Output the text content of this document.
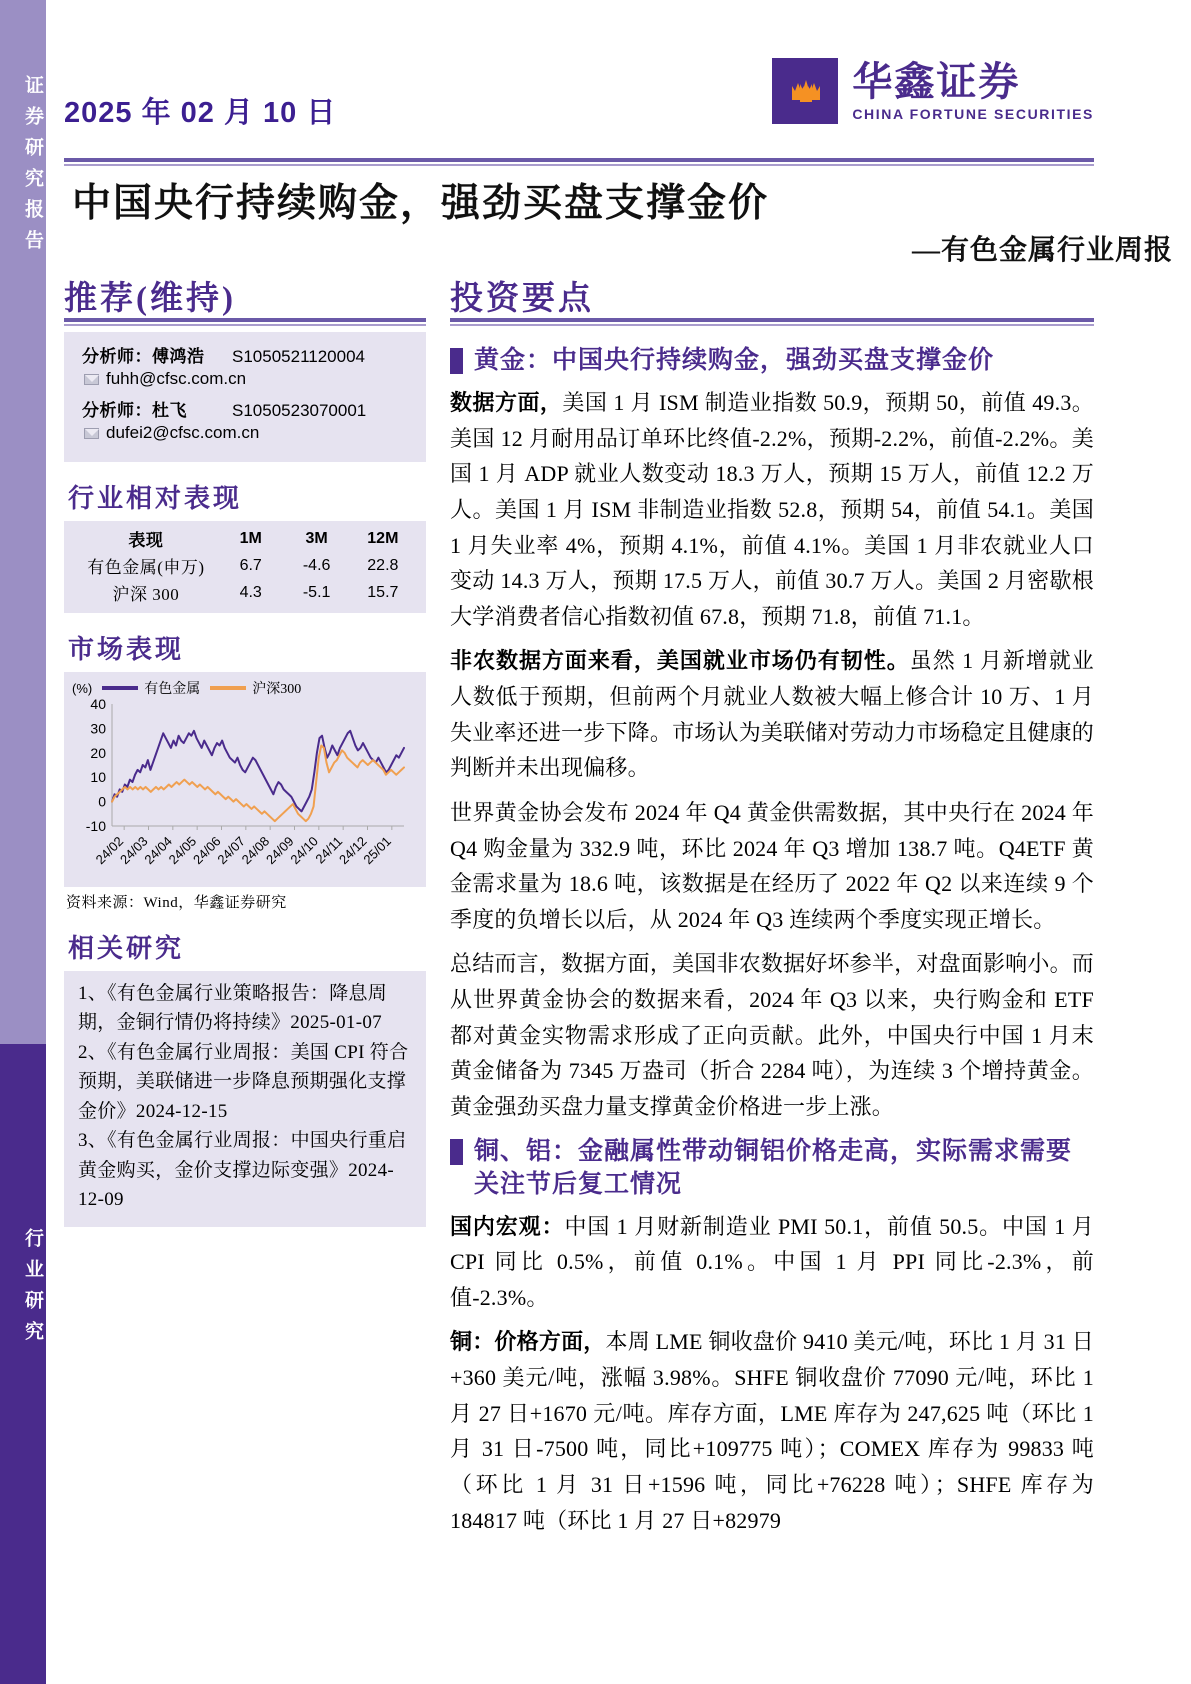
证券研究报告
行业研究
2025 年 02 月 10 日
华鑫证券
CHINA FORTUNE SECURITIES
中国央行持续购金，强劲买盘支撑金价
—有色金属行业周报
推荐(维持)	投资要点
分析师：傅鸿浩	S1050521120004
fuhh@cfsc.com.cn
分析师：杜飞	S1050523070001
dufei2@cfsc.com.cn
行业相对表现
表现	1M	3M	12M
有色金属(申万)	6.7	-4.6	22.8
沪深 300	4.3	-5.1	15.7
市场表现
(%)	有色金属	沪深300
-10
0
10
20
30
40
24/02
24/03
24/04
24/05
24/06
24/07
24/08
24/09
24/10
24/11
24/12
25/01
资料来源：Wind，华鑫证券研究
相关研究
1、《有色金属行业策略报告：降息周期，金铜行情仍将持续》2025-01-07
2、《有色金属行业周报：美国 CPI 符合预期，美联储进一步降息预期强化支撑金价》2024-12-15
3、《有色金属行业周报：中国央行重启黄金购买，金价支撑边际变强》2024-12-09
黄金：中国央行持续购金，强劲买盘支撑金价

数据方面，美国 1 月 ISM 制造业指数 50.9，预期 50，前值 49.3。美国 12 月耐用品订单环比终值-2.2%，预期-2.2%，前值-2.2%。美国 1 月 ADP 就业人数变动 18.3 万人，预期 15 万人，前值 12.2 万人。美国 1 月 ISM 非制造业指数 52.8，预期 54，前值 54.1。美国 1 月失业率 4%，预期 4.1%，前值 4.1%。美国 1 月非农就业人口变动 14.3 万人，预期 17.5 万人，前值 30.7 万人。美国 2 月密歇根大学消费者信心指数初值 67.8，预期 71.8，前值 71.1。

非农数据方面来看，美国就业市场仍有韧性。虽然 1 月新增就业人数低于预期，但前两个月就业人数被大幅上修合计 10 万、1 月失业率还进一步下降。市场认为美联储对劳动力市场稳定且健康的判断并未出现偏移。

世界黄金协会发布 2024 年 Q4 黄金供需数据，其中央行在 2024 年 Q4 购金量为 332.9 吨，环比 2024 年 Q3 增加 138.7 吨。Q4ETF 黄金需求量为 18.6 吨，该数据是在经历了 2022 年 Q2 以来连续 9 个季度的负增长以后，从 2024 年 Q3 连续两个季度实现正增长。

总结而言，数据方面，美国非农数据好坏参半，对盘面影响小。而从世界黄金协会的数据来看，2024 年 Q3 以来，央行购金和 ETF 都对黄金实物需求形成了正向贡献。此外，中国央行中国 1 月末黄金储备为 7345 万盎司（折合 2284 吨），为连续 3 个增持黄金。黄金强劲买盘力量支撑黄金价格进一步上涨。

铜、铝：金融属性带动铜铝价格走高，实际需求需要关注节后复工情况

国内宏观：中国 1 月财新制造业 PMI 50.1，前值 50.5。中国 1 月 CPI 同比 0.5%，前值 0.1%。中国 1 月 PPI 同比-2.3%，前值-2.3%。

铜：价格方面，本周 LME 铜收盘价 9410 美元/吨，环比 1 月 31 日+360 美元/吨，涨幅 3.98%。SHFE 铜收盘价 77090 元/吨，环比 1 月 27 日+1670 元/吨。库存方面，LME 库存为 247,625 吨（环比 1 月 31 日-7500 吨，同比+109775 吨）；COMEX 库存为 99833 吨（环比 1 月 31 日+1596 吨，同比+76228 吨）；SHFE 库存为 184817 吨（环比 1 月 27 日+82979
